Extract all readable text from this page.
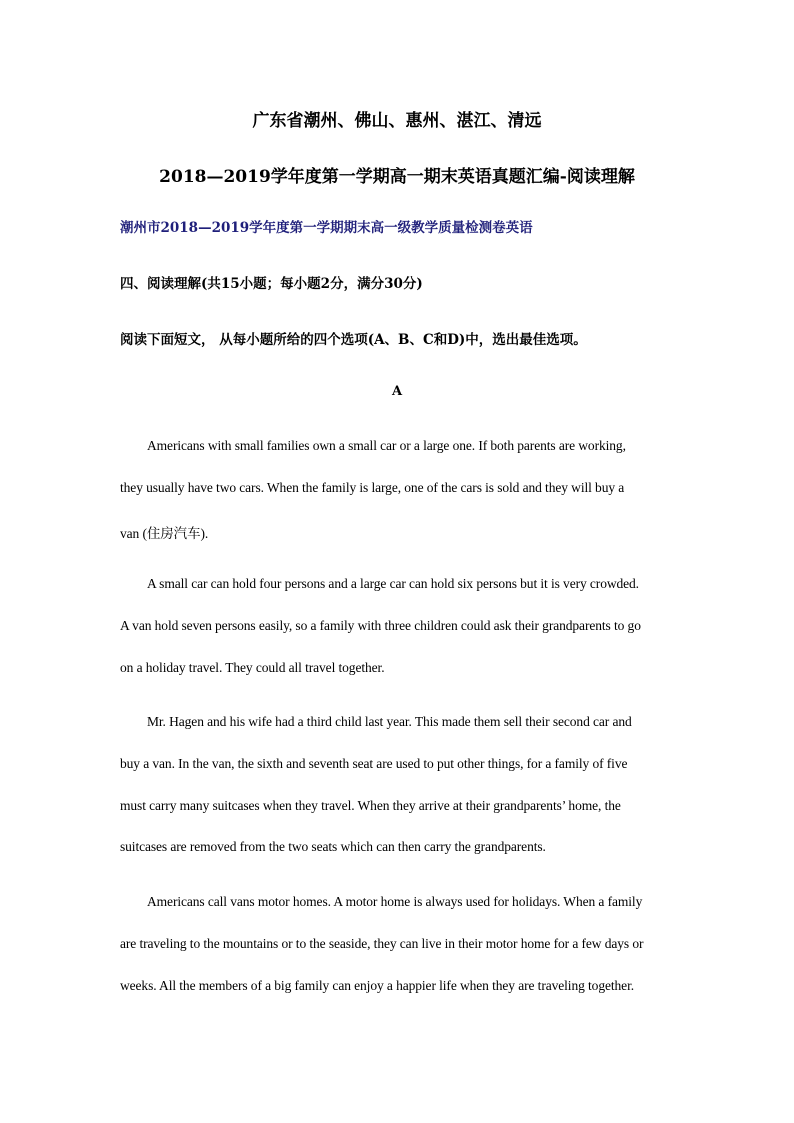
广东省潮州、佛山、惠州、湛江、清远
2018—2019学年度第一学期高一期末英语真题汇编-阅读理解
潮州市2018—2019学年度第一学期期末高一级教学质量检测卷英语
四、阅读理解(共15小题；每小题2分，满分30分)
阅读下面短文， 从每小题所给的四个选项(A、B、C和D)中，选出最佳选项。
A
Americans with small families own a small car or a large one. If both parents are working,
they usually have two cars. When the family is large, one of the cars is sold and they will buy a
van (住房汽车).
A small car can hold four persons and a large car can hold six persons but it is very crowded.
A van hold seven persons easily, so a family with three children could ask their grandparents to go
on a holiday travel. They could all travel together.
Mr. Hagen and his wife had a third child last year. This made them sell their second car and
buy a van. In the van, the sixth and seventh seat are used to put other things, for a family of five
must carry many suitcases when they travel. When they arrive at their grandparents’ home, the
suitcases are removed from the two seats which can then carry the grandparents.
Americans call vans motor homes. A motor home is always used for holidays. When a family
are traveling to the mountains or to the seaside, they can live in their motor home for a few days or
weeks. All the members of a big family can enjoy a happier life when they are traveling together.
